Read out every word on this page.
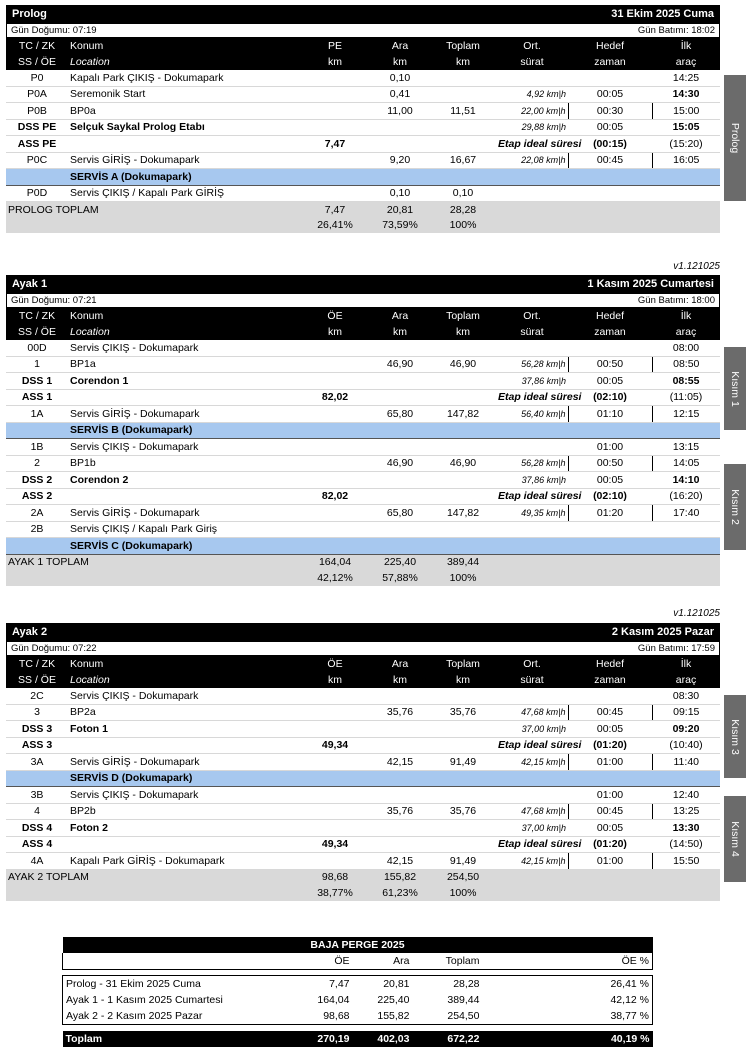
Prolog	31 Ekim 2025 Cuma
Gün Doğumu: 07:19	Gün Batımı: 18:02
TC / ZK	Konum	PE	Ara	Toplam	Ort.	Hedef	İlk
SS / ÖE	Location	km	km	km	sürat	zaman	araç
P0	Kapalı Park ÇIKIŞ - Dokumapark		0,10				14:25
P0A	Seremonik Start		0,41		4,92 km|h	00:05	14:30
P0B	BP0a		11,00	11,51	22,00 km|h	00:30	15:00
DSS PE	Selçuk Saykal Prolog Etabı				29,88 km|h	00:05	15:05
ASS PE		7,47			Etap ideal süresi	(00:15)	(15:20)
P0C	Servis GİRİŞ - Dokumapark		9,20	16,67	22,08 km|h	00:45	16:05
	SERVİS A (Dokumapark)						
P0D	Servis ÇIKIŞ / Kapalı Park GİRİŞ		0,10	0,10			
PROLOG TOPLAM		7,47	20,81	28,28			
		26,41%	73,59%	100%			
Prolog
v1.121025
Ayak 1	1 Kasım 2025 Cumartesi
Gün Doğumu: 07:21	Gün Batımı: 18:00
TC / ZK	Konum	ÖE	Ara	Toplam	Ort.	Hedef	İlk
SS / ÖE	Location	km	km	km	sürat	zaman	araç
00D	Servis ÇIKIŞ - Dokumapark						08:00
1	BP1a		46,90	46,90	56,28 km|h	00:50	08:50
DSS 1	Corendon 1				37,86 km|h	00:05	08:55
ASS 1		82,02			Etap ideal süresi	(02:10)	(11:05)
1A	Servis GİRİŞ - Dokumapark		65,80	147,82	56,40 km|h	01:10	12:15
	SERVİS B (Dokumapark)						
1B	Servis ÇIKIŞ - Dokumapark					01:00	13:15
2	BP1b		46,90	46,90	56,28 km|h	00:50	14:05
DSS 2	Corendon 2				37,86 km|h	00:05	14:10
ASS 2		82,02			Etap ideal süresi	(02:10)	(16:20)
2A	Servis GİRİŞ - Dokumapark		65,80	147,82	49,35 km|h	01:20	17:40
2B	Servis ÇIKIŞ / Kapalı Park Giriş						
	SERVİS C (Dokumapark)						
AYAK 1 TOPLAM		164,04	225,40	389,44			
		42,12%	57,88%	100%			
Kısım 1
Kısım 2
v1.121025
Ayak 2	2 Kasım 2025 Pazar
Gün Doğumu: 07:22	Gün Batımı: 17:59
TC / ZK	Konum	ÖE	Ara	Toplam	Ort.	Hedef	İlk
SS / ÖE	Location	km	km	km	sürat	zaman	araç
2C	Servis ÇIKIŞ - Dokumapark						08:30
3	BP2a		35,76	35,76	47,68 km|h	00:45	09:15
DSS 3	Foton 1				37,00 km|h	00:05	09:20
ASS 3		49,34			Etap ideal süresi	(01:20)	(10:40)
3A	Servis GİRİŞ - Dokumapark		42,15	91,49	42,15 km|h	01:00	11:40
	SERVİS D (Dokumapark)						
3B	Servis ÇIKIŞ - Dokumapark					01:00	12:40
4	BP2b		35,76	35,76	47,68 km|h	00:45	13:25
DSS 4	Foton 2				37,00 km|h	00:05	13:30
ASS 4		49,34			Etap ideal süresi	(01:20)	(14:50)
4A	Kapalı Park GİRİŞ - Dokumapark		42,15	91,49	42,15 km|h	01:00	15:50
AYAK 2 TOPLAM		98,68	155,82	254,50			
		38,77%	61,23%	100%			
Kısım 3
Kısım 4
BAJA PERGE 2025				
	ÖE	Ara	Toplam	ÖE %

Prolog - 31 Ekim 2025 Cuma	7,47	20,81	28,28	26,41 %
Ayak 1 - 1 Kasım 2025 Cumartesi	164,04	225,40	389,44	42,12 %
Ayak 2 - 2 Kasım 2025 Pazar	98,68	155,82	254,50	38,77 %

Toplam	270,19	402,03	672,22	40,19 %
